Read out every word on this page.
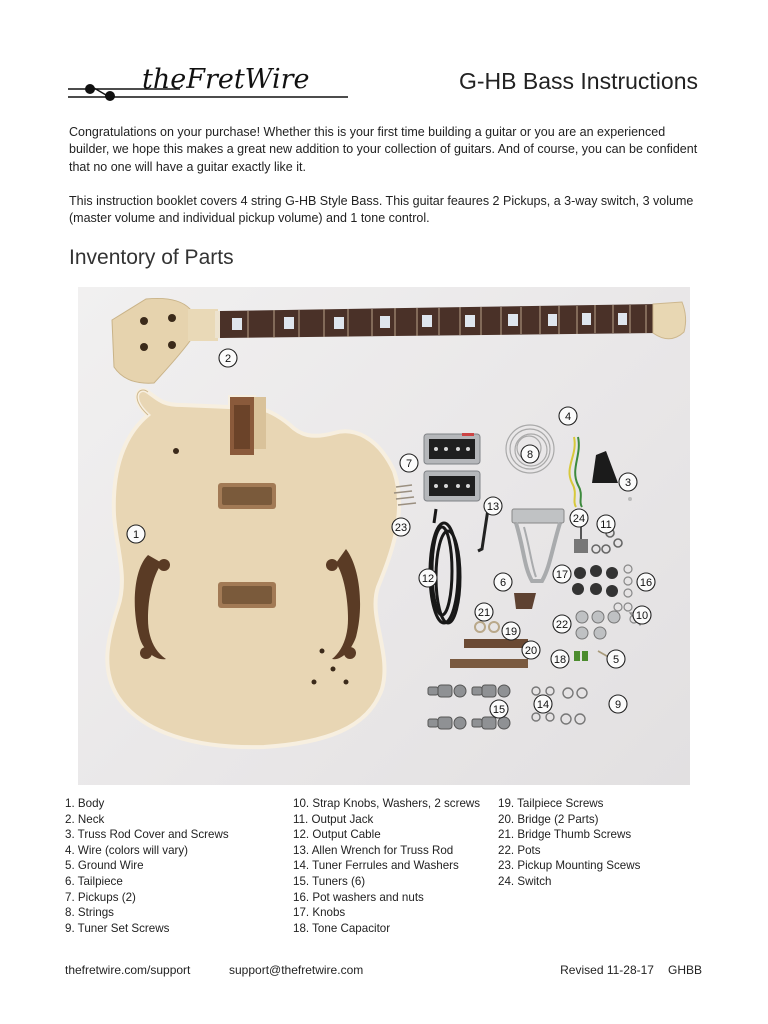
theFretWire	G-HB Bass Instructions

Congratulations on your purchase! Whether this is your first time building a guitar or you are an experienced builder, we hope this makes a great new addition to your collection of guitars. And of course, you can be confident that no one will have a guitar exactly like it.

This instruction booklet covers 4 string G-HB Style Bass. This guitar feaures 2 Pickups, a 3-way switch, 3 volume (master volume and individual pickup volume) and 1 tone control.

Inventory of Parts
1
2
3
4
5
6
7
8
9
10
11
12
13
14
15
16
17
18
19
20
21
22
23
24
1. Body
2. Neck
3. Truss Rod Cover and Screws
4. Wire (colors will vary)
5. Ground Wire
6. Tailpiece
7. Pickups (2)
8. Strings
9. Tuner Set Screws
10. Strap Knobs, Washers, 2 screws
11. Output Jack
12. Output Cable
13. Allen Wrench for Truss Rod
14. Tuner Ferrules and Washers
15. Tuners (6)
16. Pot washers and nuts
17. Knobs
18. Tone Capacitor
19. Tailpiece Screws
20. Bridge (2 Parts)
21. Bridge Thumb Screws
22. Pots
23. Pickup Mounting Scews
24. Switch
thefretwire.com/support	support@thefretwire.com	Revised 11-28-17 GHBB
